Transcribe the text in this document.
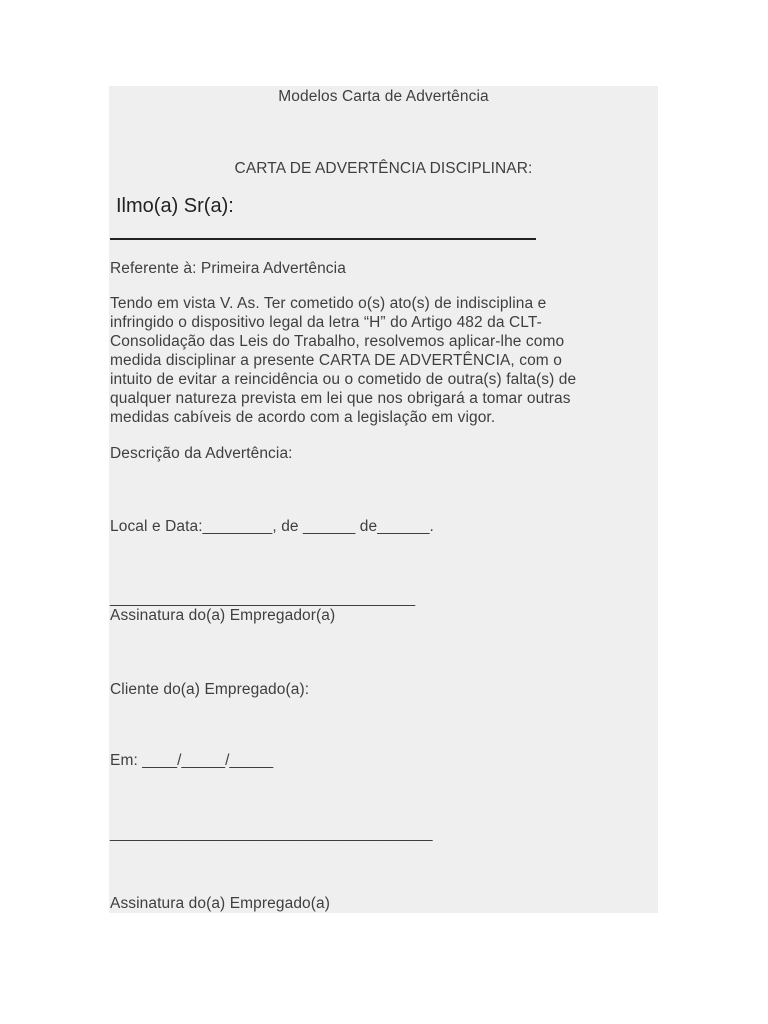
Modelos Carta de Advertência
CARTA DE ADVERTÊNCIA DISCIPLINAR:
Ilmo(a) Sr(a):
Referente à: Primeira Advertência
Tendo em vista V. As. Ter cometido o(s) ato(s) de indisciplina e
infringido o dispositivo legal da letra “H” do Artigo 482 da CLT-
Consolidação das Leis do Trabalho, resolvemos aplicar-lhe como
medida disciplinar a presente CARTA DE ADVERTÊNCIA, com o
intuito de evitar a reincidência ou o cometido de outra(s) falta(s) de
qualquer natureza prevista em lei que nos obrigará a tomar outras
medidas cabíveis de acordo com a legislação em vigor.
Descrição da Advertência:
Local e Data:________, de ______ de______.
___________________________________
Assinatura do(a) Empregador(a)
Cliente do(a) Empregado(a):
Em: ____/_____/_____
_____________________________________
Assinatura do(a) Empregado(a)
